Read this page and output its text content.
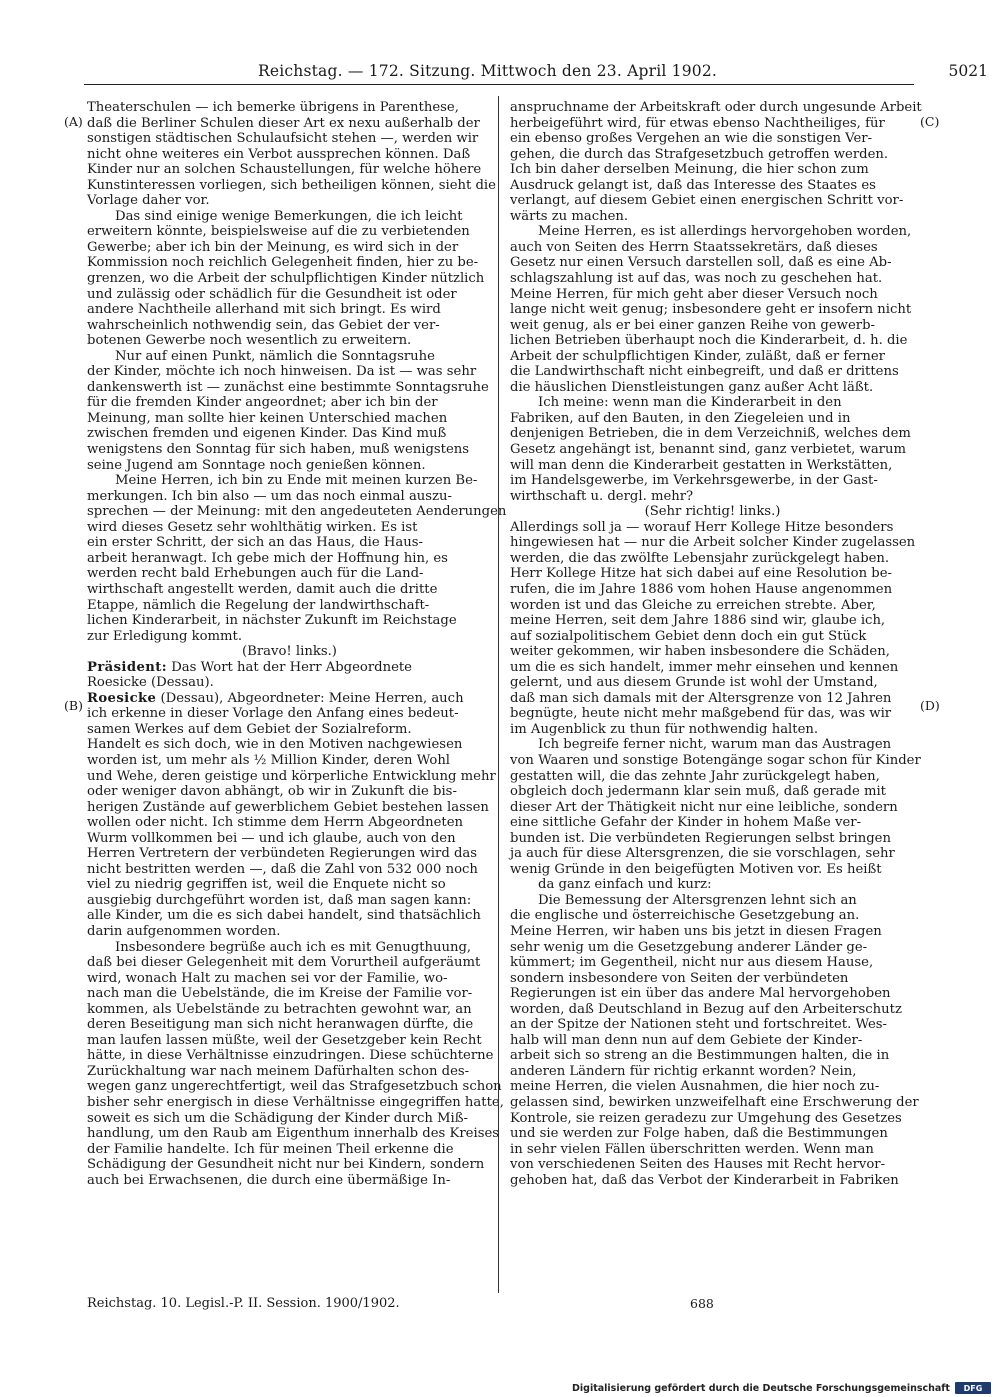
Reichstag. — 172. Sitzung. Mittwoch den 23. April 1902.	5021
(A)
(B)
(C)
(D)
Theaterschulen — ich bemerke übrigens in Parenthese,
daß die Berliner Schulen dieser Art ex nexu außerhalb der
sonstigen städtischen Schulaufsicht stehen —, werden wir
nicht ohne weiteres ein Verbot aussprechen können. Daß
Kinder nur an solchen Schaustellungen, für welche höhere
Kunstinteressen vorliegen, sich betheiligen können, sieht die
Vorlage daher vor.
Das sind einige wenige Bemerkungen, die ich leicht
erweitern könnte, beispielsweise auf die zu verbietenden
Gewerbe; aber ich bin der Meinung, es wird sich in der
Kommission noch reichlich Gelegenheit finden, hier zu be-
grenzen, wo die Arbeit der schulpflichtigen Kinder nützlich
und zulässig oder schädlich für die Gesundheit ist oder
andere Nachtheile allerhand mit sich bringt. Es wird
wahrscheinlich nothwendig sein, das Gebiet der ver-
botenen Gewerbe noch wesentlich zu erweitern.
Nur auf einen Punkt, nämlich die Sonntagsruhe
der Kinder, möchte ich noch hinweisen. Da ist — was sehr
dankenswerth ist — zunächst eine bestimmte Sonntagsruhe
für die fremden Kinder angeordnet; aber ich bin der
Meinung, man sollte hier keinen Unterschied machen
zwischen fremden und eigenen Kinder. Das Kind muß
wenigstens den Sonntag für sich haben, muß wenigstens
seine Jugend am Sonntage noch genießen können.
Meine Herren, ich bin zu Ende mit meinen kurzen Be-
merkungen. Ich bin also — um das noch einmal auszu-
sprechen — der Meinung: mit den angedeuteten Aenderungen
wird dieses Gesetz sehr wohlthätig wirken. Es ist
ein erster Schritt, der sich an das Haus, die Haus-
arbeit heranwagt. Ich gebe mich der Hoffnung hin, es
werden recht bald Erhebungen auch für die Land-
wirthschaft angestellt werden, damit auch die dritte
Etappe, nämlich die Regelung der landwirthschaft-
lichen Kinderarbeit, in nächster Zukunft im Reichstage
zur Erledigung kommt.
(Bravo! links.)
Präsident: Das Wort hat der Herr Abgeordnete
Roesicke (Dessau).
Roesicke (Dessau), Abgeordneter: Meine Herren, auch
ich erkenne in dieser Vorlage den Anfang eines bedeut-
samen Werkes auf dem Gebiet der Sozialreform.
Handelt es sich doch, wie in den Motiven nachgewiesen
worden ist, um mehr als ½ Million Kinder, deren Wohl
und Wehe, deren geistige und körperliche Entwicklung mehr
oder weniger davon abhängt, ob wir in Zukunft die bis-
herigen Zustände auf gewerblichem Gebiet bestehen lassen
wollen oder nicht. Ich stimme dem Herrn Abgeordneten
Wurm vollkommen bei — und ich glaube, auch von den
Herren Vertretern der verbündeten Regierungen wird das
nicht bestritten werden —, daß die Zahl von 532 000 noch
viel zu niedrig gegriffen ist, weil die Enquete nicht so
ausgiebig durchgeführt worden ist, daß man sagen kann:
alle Kinder, um die es sich dabei handelt, sind thatsächlich
darin aufgenommen worden.
Insbesondere begrüße auch ich es mit Genugthuung,
daß bei dieser Gelegenheit mit dem Vorurtheil aufgeräumt
wird, wonach Halt zu machen sei vor der Familie, wo-
nach man die Uebelstände, die im Kreise der Familie vor-
kommen, als Uebelstände zu betrachten gewohnt war, an
deren Beseitigung man sich nicht heranwagen dürfte, die
man laufen lassen müßte, weil der Gesetzgeber kein Recht
hätte, in diese Verhältnisse einzudringen. Diese schüchterne
Zurückhaltung war nach meinem Dafürhalten schon des-
wegen ganz ungerechtfertigt, weil das Strafgesetzbuch schon
bisher sehr energisch in diese Verhältnisse eingegriffen hatte,
soweit es sich um die Schädigung der Kinder durch Miß-
handlung, um den Raub am Eigenthum innerhalb des Kreises
der Familie handelte. Ich für meinen Theil erkenne die
Schädigung der Gesundheit nicht nur bei Kindern, sondern
auch bei Erwachsenen, die durch eine übermäßige In-
anspruchname der Arbeitskraft oder durch ungesunde Arbeit
herbeigeführt wird, für etwas ebenso Nachtheiliges, für
ein ebenso großes Vergehen an wie die sonstigen Ver-
gehen, die durch das Strafgesetzbuch getroffen werden.
Ich bin daher derselben Meinung, die hier schon zum
Ausdruck gelangt ist, daß das Interesse des Staates es
verlangt, auf diesem Gebiet einen energischen Schritt vor-
wärts zu machen.
Meine Herren, es ist allerdings hervorgehoben worden,
auch von Seiten des Herrn Staatssekretärs, daß dieses
Gesetz nur einen Versuch darstellen soll, daß es eine Ab-
schlagszahlung ist auf das, was noch zu geschehen hat.
Meine Herren, für mich geht aber dieser Versuch noch
lange nicht weit genug; insbesondere geht er insofern nicht
weit genug, als er bei einer ganzen Reihe von gewerb-
lichen Betrieben überhaupt noch die Kinderarbeit, d. h. die
Arbeit der schulpflichtigen Kinder, zuläßt, daß er ferner
die Landwirthschaft nicht einbegreift, und daß er drittens
die häuslichen Dienstleistungen ganz außer Acht läßt.
Ich meine: wenn man die Kinderarbeit in den
Fabriken, auf den Bauten, in den Ziegeleien und in
denjenigen Betrieben, die in dem Verzeichniß, welches dem
Gesetz angehängt ist, benannt sind, ganz verbietet, warum
will man denn die Kinderarbeit gestatten in Werkstätten,
im Handelsgewerbe, im Verkehrsgewerbe, in der Gast-
wirthschaft u. dergl. mehr?
(Sehr richtig! links.)
Allerdings soll ja — worauf Herr Kollege Hitze besonders
hingewiesen hat — nur die Arbeit solcher Kinder zugelassen
werden, die das zwölfte Lebensjahr zurückgelegt haben.
Herr Kollege Hitze hat sich dabei auf eine Resolution be-
rufen, die im Jahre 1886 vom hohen Hause angenommen
worden ist und das Gleiche zu erreichen strebte. Aber,
meine Herren, seit dem Jahre 1886 sind wir, glaube ich,
auf sozialpolitischem Gebiet denn doch ein gut Stück
weiter gekommen, wir haben insbesondere die Schäden,
um die es sich handelt, immer mehr einsehen und kennen
gelernt, und aus diesem Grunde ist wohl der Umstand,
daß man sich damals mit der Altersgrenze von 12 Jahren
begnügte, heute nicht mehr maßgebend für das, was wir
im Augenblick zu thun für nothwendig halten.
Ich begreife ferner nicht, warum man das Austragen
von Waaren und sonstige Botengänge sogar schon für Kinder
gestatten will, die das zehnte Jahr zurückgelegt haben,
obgleich doch jedermann klar sein muß, daß gerade mit
dieser Art der Thätigkeit nicht nur eine leibliche, sondern
eine sittliche Gefahr der Kinder in hohem Maße ver-
bunden ist. Die verbündeten Regierungen selbst bringen
ja auch für diese Altersgrenzen, die sie vorschlagen, sehr
wenig Gründe in den beigefügten Motiven vor. Es heißt
da ganz einfach und kurz:
Die Bemessung der Altersgrenzen lehnt sich an
die englische und österreichische Gesetzgebung an.
Meine Herren, wir haben uns bis jetzt in diesen Fragen
sehr wenig um die Gesetzgebung anderer Länder ge-
kümmert; im Gegentheil, nicht nur aus diesem Hause,
sondern insbesondere von Seiten der verbündeten
Regierungen ist ein über das andere Mal hervorgehoben
worden, daß Deutschland in Bezug auf den Arbeiterschutz
an der Spitze der Nationen steht und fortschreitet. Wes-
halb will man denn nun auf dem Gebiete der Kinder-
arbeit sich so streng an die Bestimmungen halten, die in
anderen Ländern für richtig erkannt worden? Nein,
meine Herren, die vielen Ausnahmen, die hier noch zu-
gelassen sind, bewirken unzweifelhaft eine Erschwerung der
Kontrole, sie reizen geradezu zur Umgehung des Gesetzes
und sie werden zur Folge haben, daß die Bestimmungen
in sehr vielen Fällen überschritten werden. Wenn man
von verschiedenen Seiten des Hauses mit Recht hervor-
gehoben hat, daß das Verbot der Kinderarbeit in Fabriken
Reichstag. 10. Legisl.-P. II. Session. 1900/1902.	688
Digitalisierung gefördert durch die Deutsche Forschungsgemeinschaft	DFG
